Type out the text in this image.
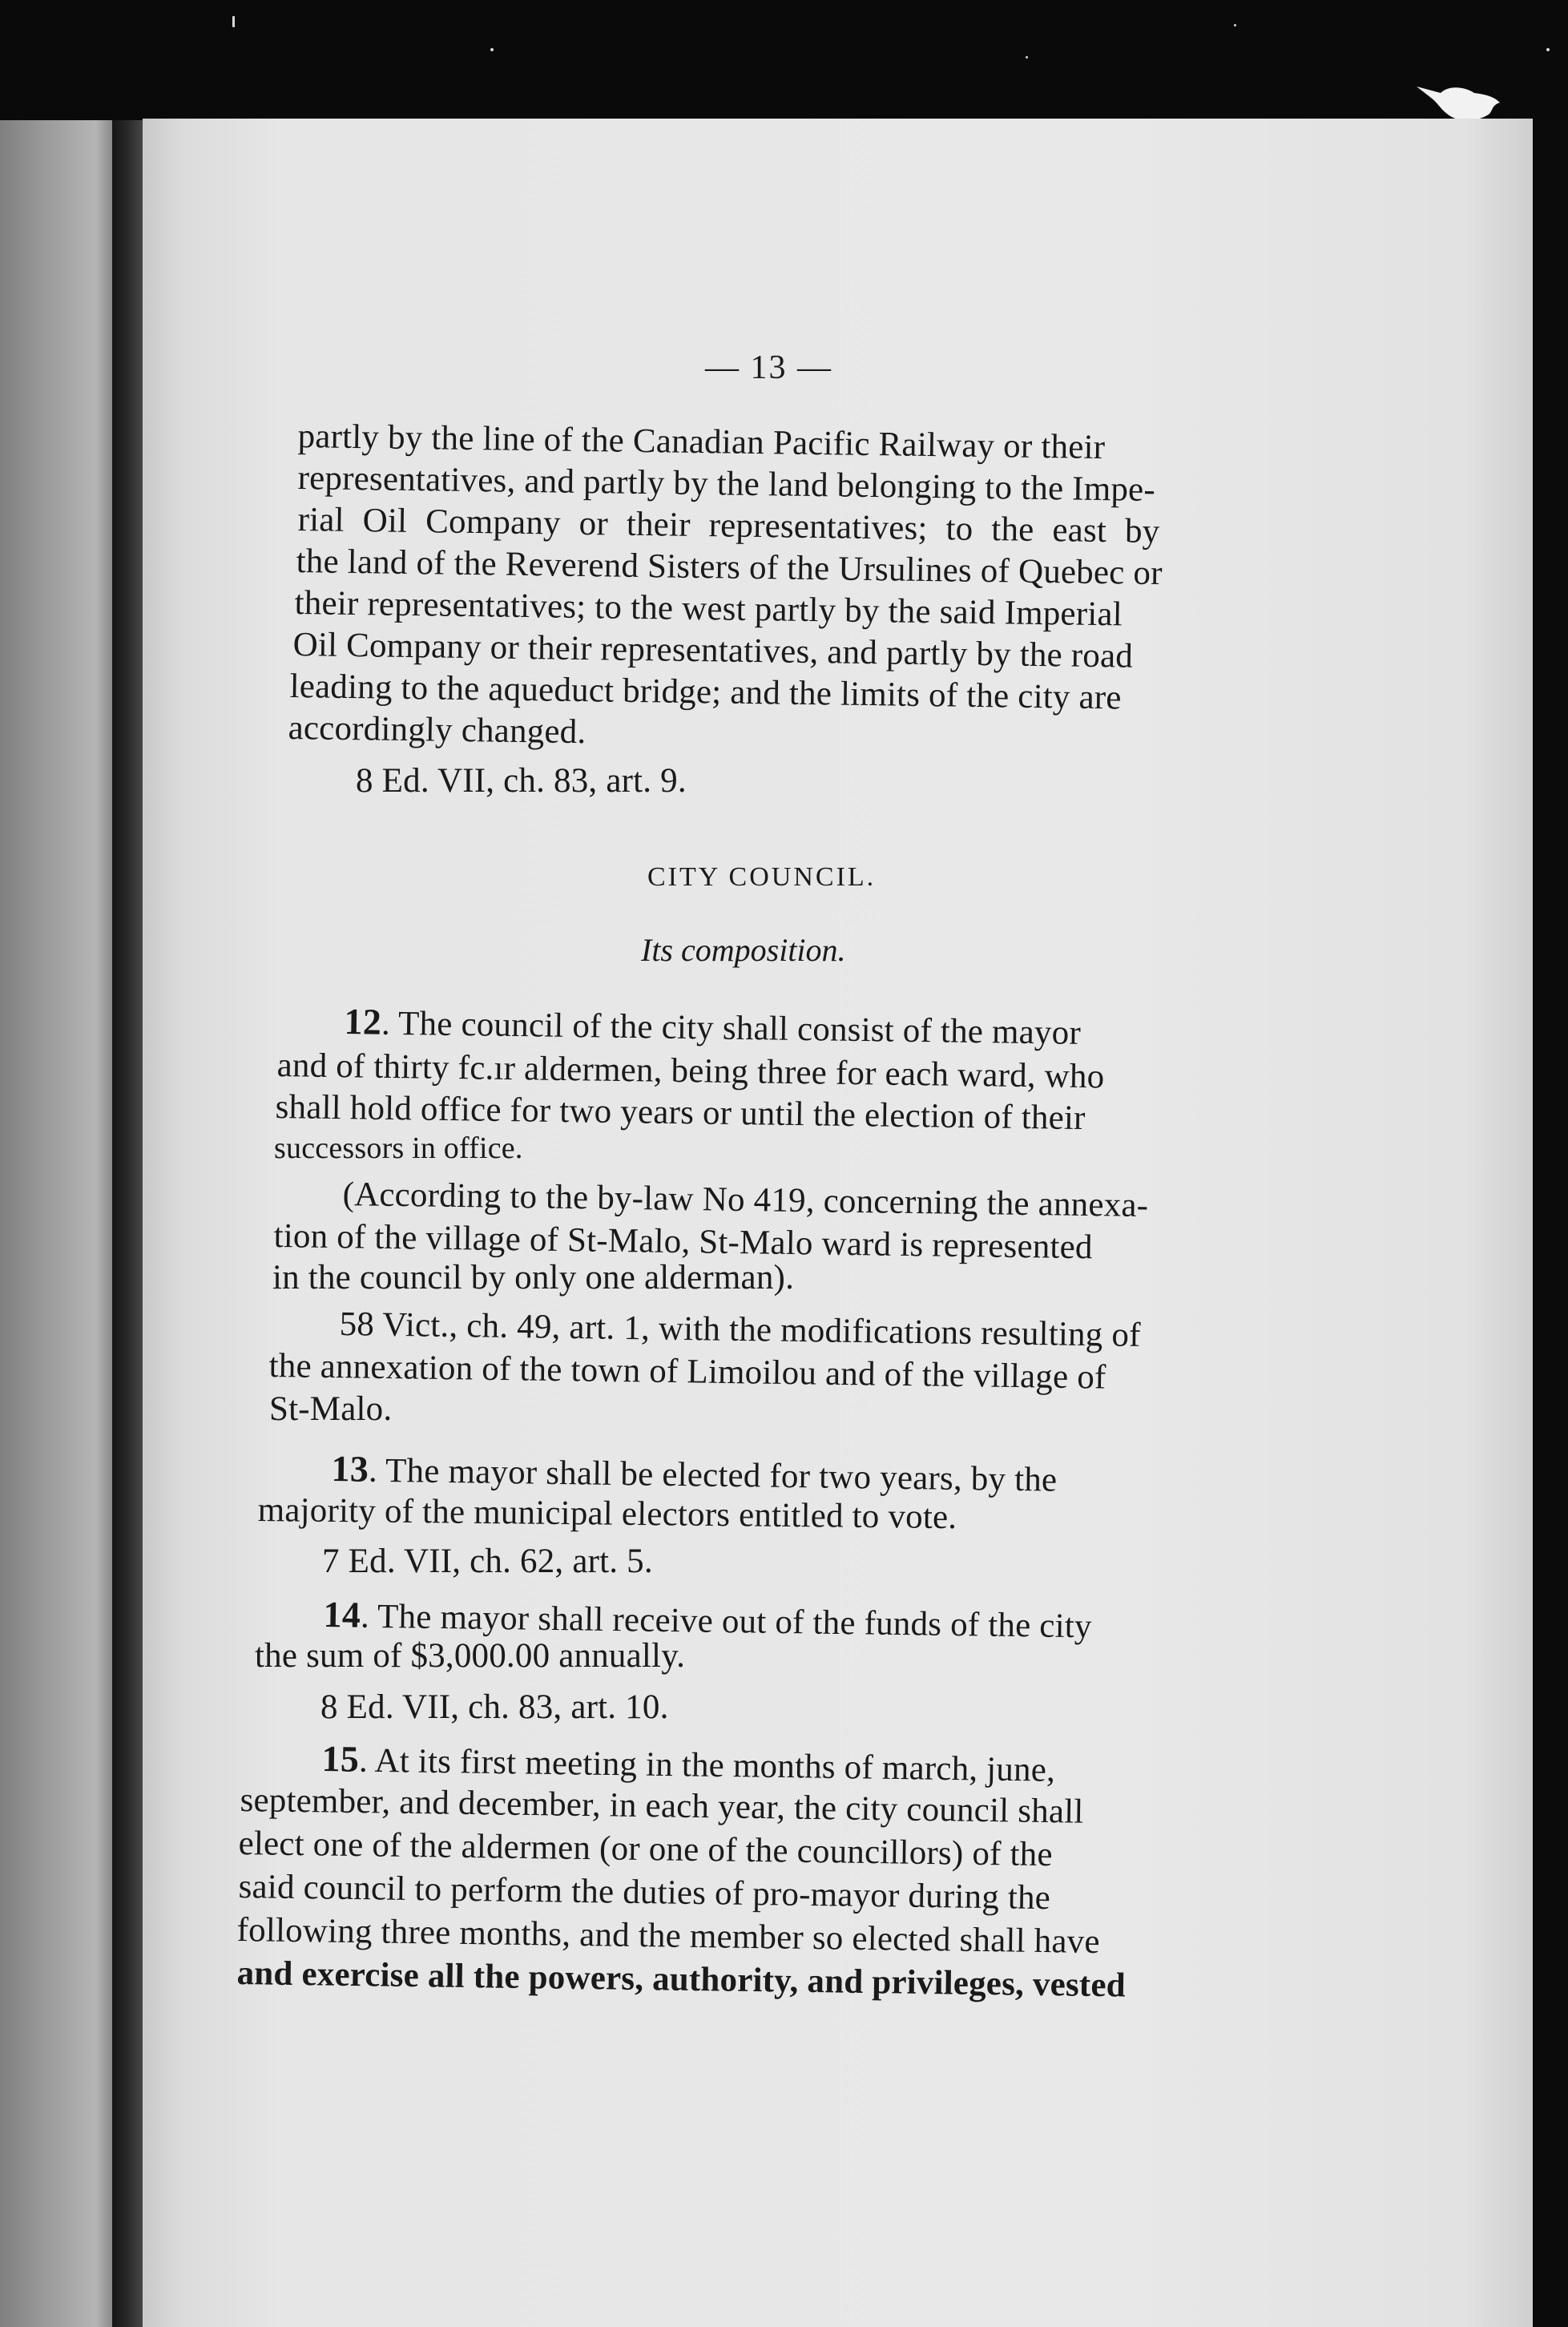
— 13 —
partly by the line of the Canadian Pacific Railway or their
representatives, and partly by the land belonging to the Impe-
rial Oil Company or their representatives; to the east by
the land of the Reverend Sisters of the Ursulines of Quebec or
their representatives; to the west partly by the said Imperial
Oil Company or their representatives, and partly by the road
leading to the aqueduct bridge; and the limits of the city are
accordingly changed.
8 Ed. VII, ch. 83, art. 9.
CITY COUNCIL.
Its composition.
12. The council of the city shall consist of the mayor
and of thirty fc.ır aldermen, being three for each ward, who
shall hold office for two years or until the election of their
successors in office.
(According to the by-law No 419, concerning the annexa-
tion of the village of St-Malo, St-Malo ward is represented
in the council by only one alderman).
58 Vict., ch. 49, art. 1, with the modifications resulting of
the annexation of the town of Limoilou and of the village of
St-Malo.
13. The mayor shall be elected for two years, by the
majority of the municipal electors entitled to vote.
7 Ed. VII, ch. 62, art. 5.
14. The mayor shall receive out of the funds of the city
the sum of $3,000.00 annually.
8 Ed. VII, ch. 83, art. 10.
15. At its first meeting in the months of march, june,
september, and december, in each year, the city council shall
elect one of the aldermen (or one of the councillors) of the
said council to perform the duties of pro-mayor during the
following three months, and the member so elected shall have
and exercise all the powers, authority, and privileges, vested
